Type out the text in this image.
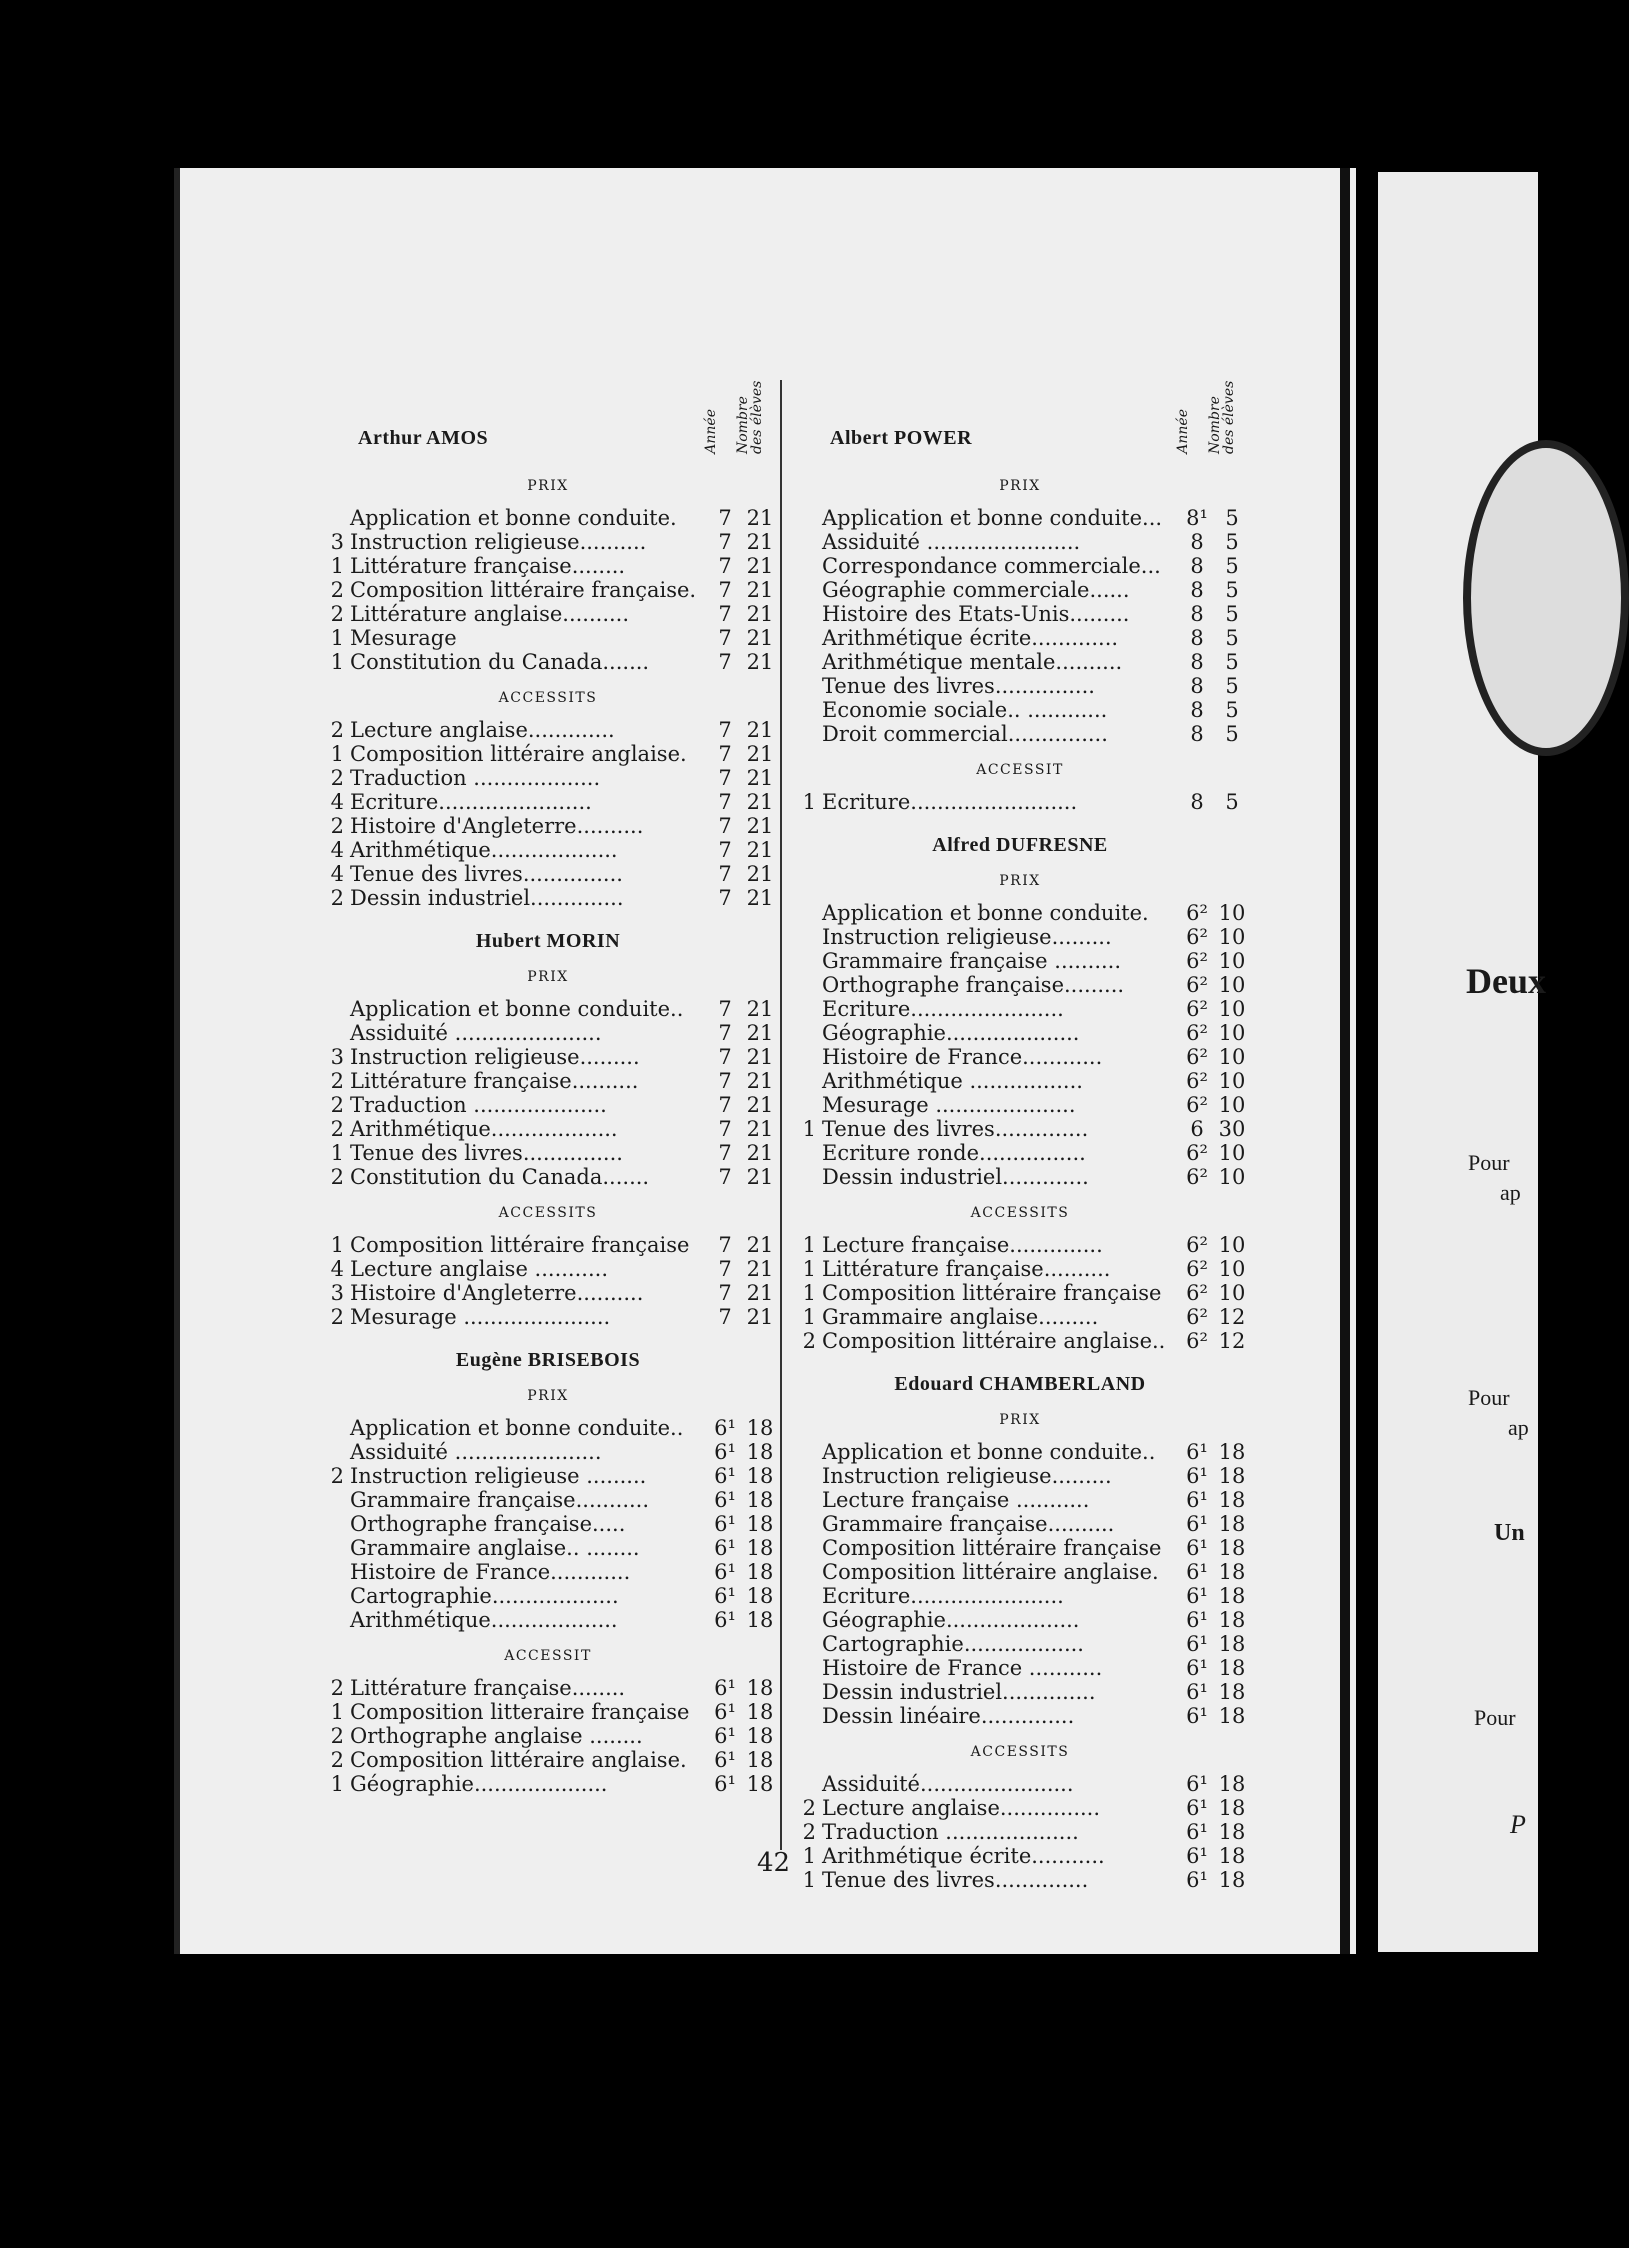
Deux
Pour
ap
Pour
ap
Un
Pour
P
Arthur AMOS	Année Nombre des élèves
PRIX
Application et bonne conduite.	7 21
3 Instruction religieuse..........	7 21
1 Littérature française........	7 21
2 Composition littéraire française.	7 21
2 Littérature anglaise..........	7 21
1 Mesurage	7 21
1 Constitution du Canada.......	7 21
ACCESSITS
2 Lecture anglaise.............	7 21
1 Composition littéraire anglaise.	7 21
2 Traduction ...................	7 21
4 Ecriture.......................	7 21
2 Histoire d'Angleterre..........	7 21
4 Arithmétique...................	7 21
4 Tenue des livres...............	7 21
2 Dessin industriel..............	7 21
Hubert MORIN
PRIX
Application et bonne conduite..	7 21
Assiduité ......................	7 21
3 Instruction religieuse.........	7 21
2 Littérature française..........	7 21
2 Traduction ....................	7 21
2 Arithmétique...................	7 21
1 Tenue des livres...............	7 21
2 Constitution du Canada.......	7 21
ACCESSITS
1 Composition littéraire française	7 21
4 Lecture anglaise ...........	7 21
3 Histoire d'Angleterre..........	7 21
2 Mesurage ......................	7 21
Eugène BRISEBOIS
PRIX
Application et bonne conduite..	6¹ 18
Assiduité ......................	6¹ 18
2 Instruction religieuse .........	6¹ 18
Grammaire française...........	6¹ 18
Orthographe française.....	6¹ 18
Grammaire anglaise.. ........	6¹ 18
Histoire de France............	6¹ 18
Cartographie...................	6¹ 18
Arithmétique...................	6¹ 18
ACCESSIT
2 Littérature française........	6¹ 18
1 Composition litteraire française	6¹ 18
2 Orthographe anglaise ........	6¹ 18
2 Composition littéraire anglaise.	6¹ 18
1 Géographie....................	6¹ 18
Albert POWER	Année Nombre des élèves
PRIX
Application et bonne conduite...	8¹ 5
Assiduité .......................	8	5
Correspondance commerciale...	8	5
Géographie commerciale......	8	5
Histoire des Etats-Unis.........	8	5
Arithmétique écrite.............	8	5
Arithmétique mentale..........	8	5
Tenue des livres...............	8	5
Economie sociale.. ............	8	5
Droit commercial...............	8	5
ACCESSIT
1 Ecriture.........................	8	5
Alfred DUFRESNE
PRIX
Application et bonne conduite.	6² 10
Instruction religieuse.........	6² 10
Grammaire française ..........	6² 10
Orthographe française.........	6² 10
Ecriture.......................	6² 10
Géographie....................	6² 10
Histoire de France............	6² 10
Arithmétique .................	6² 10
Mesurage .....................	6² 10
1 Tenue des livres..............	6 30
Ecriture ronde................	6² 10
Dessin industriel.............	6² 10
ACCESSITS
1 Lecture française..............	6² 10
1 Littérature française..........	6² 10
1 Composition littéraire française	6² 10
1 Grammaire anglaise.........	6² 12
2 Composition littéraire anglaise.. 6² 12
Edouard CHAMBERLAND
PRIX
Application et bonne conduite..	6¹ 18
Instruction religieuse.........	6¹ 18
Lecture française ...........	6¹ 18
Grammaire française..........	6¹ 18
Composition littéraire française	6¹ 18
Composition littéraire anglaise.	6¹ 18
Ecriture.......................	6¹ 18
Géographie....................	6¹ 18
Cartographie..................	6¹ 18
Histoire de France ...........	6¹ 18
Dessin industriel..............	6¹ 18
Dessin linéaire..............	6¹ 18
ACCESSITS
Assiduité.......................	6¹ 18
2 Lecture anglaise...............	6¹ 18
2 Traduction ....................	6¹ 18
1 Arithmétique écrite...........	6¹ 18
1 Tenue des livres..............	6¹ 18
42
